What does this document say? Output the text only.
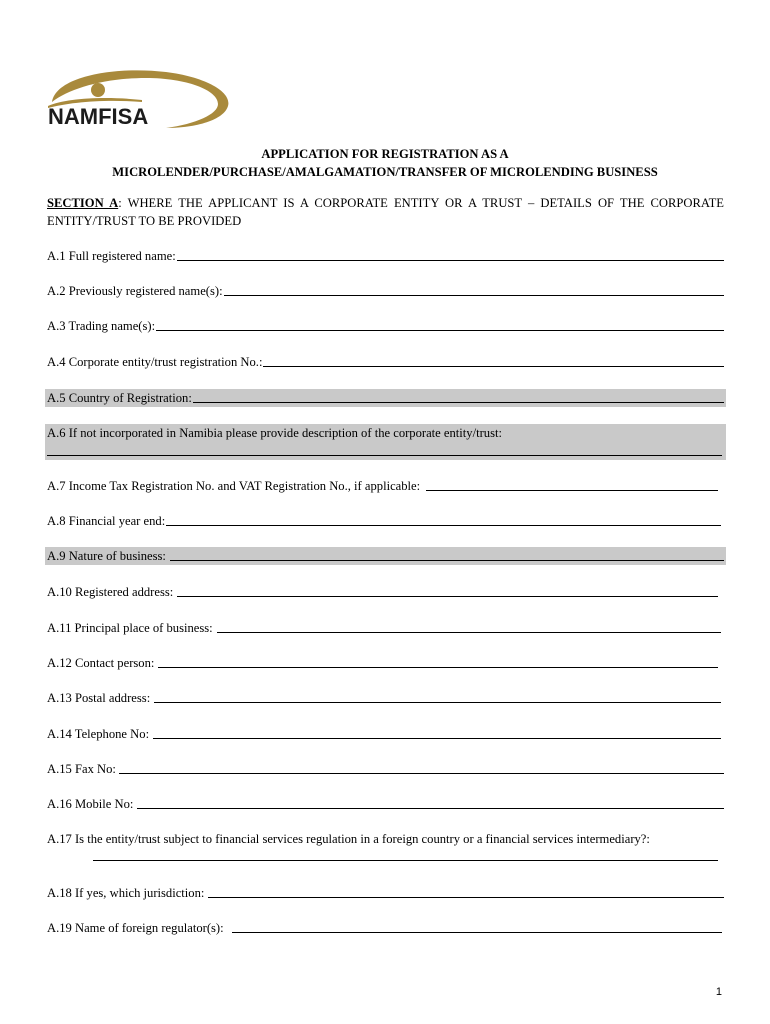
NAMFISA
APPLICATION FOR REGISTRATION AS A
MICROLENDER/PURCHASE/AMALGAMATION/TRANSFER OF MICROLENDING BUSINESS
SECTION A: WHERE THE APPLICANT IS A CORPORATE ENTITY OR A TRUST – DETAILS OF THE CORPORATE ENTITY/TRUST TO BE PROVIDED
A.1 Full registered name:
A.2 Previously registered name(s):
A.3 Trading name(s):
A.4 Corporate entity/trust registration No.:
A.5 Country of Registration:
A.6 If not incorporated in Namibia please provide description of the corporate entity/trust:
A.7 Income Tax Registration No. and VAT Registration No., if applicable:
A.8 Financial year end:
A.9 Nature of business:
A.10 Registered address:
A.11 Principal place of business:
A.12 Contact person:
A.13 Postal address:
A.14 Telephone No:
A.15 Fax No:
A.16 Mobile No:
A.17 Is the entity/trust subject to financial services regulation in a foreign country or a financial services intermediary?:
A.18 If yes, which jurisdiction:
A.19 Name of foreign regulator(s):
1
